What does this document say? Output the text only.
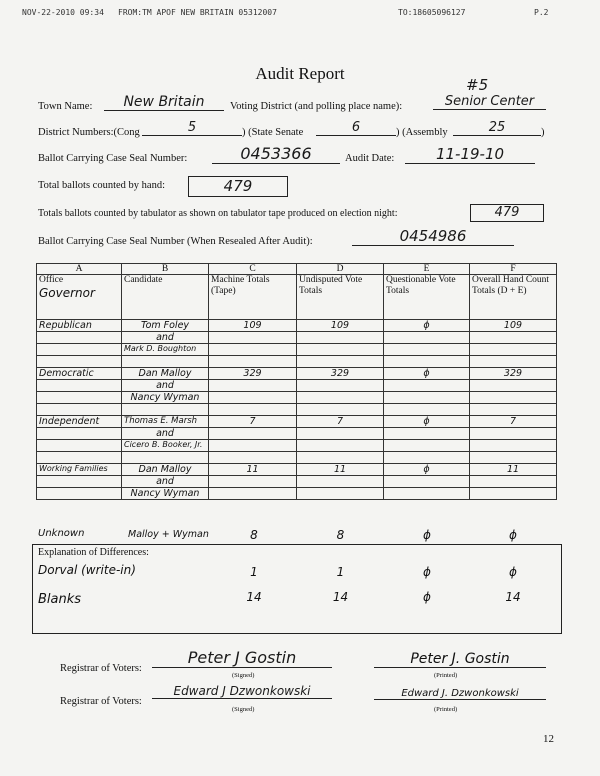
NOV-22-2010 09:34 FROM:TM APOF NEW BRITAIN 05312007	TO:18605096127	P.2
Audit Report
#5
Town Name:	New Britain	Voting District (and polling place name):	Senior Center
District Numbers:(Cong	5	) (State Senate	6	) (Assembly	25	)
Ballot Carrying Case Seal Number:	0453366	Audit Date:	11-19-10
Total ballots counted by hand:	479
Totals ballots counted by tabulator as shown on tabulator tape produced on election night:	479
Ballot Carrying Case Seal Number (When Resealed After Audit):	0454986
A	B	C	D	E	F

Office
Governor	Candidate	Machine Totals (Tape)	Undisputed Vote Totals	Questionable Vote Totals	Overall Hand Count Totals (D + E)
Republican	Tom Foley	109	109	ϕ	109
	and				
	Mark D. Boughton				

Democratic	Dan Malloy	329	329	ϕ	329
	and				
	Nancy Wyman				

Independent	Thomas E. Marsh	7	7	ϕ	7
	and				
	Cicero B. Booker, Jr.				

Working Families	Dan Malloy	11	11	ϕ	11
	and				
	Nancy Wyman				
Unknown	Malloy + Wyman	8	8	ϕ	ϕ
Explanation of Differences:
Dorval (write-in)	1	1	ϕ	ϕ
Blanks	14	14	ϕ	14
Registrar of Voters:
Peter J Gostin
(Signed)
Peter J. Gostin
(Printed)
Registrar of Voters:
Edward J Dzwonkowski
(Signed)
Edward J. Dzwonkowski
(Printed)
12
